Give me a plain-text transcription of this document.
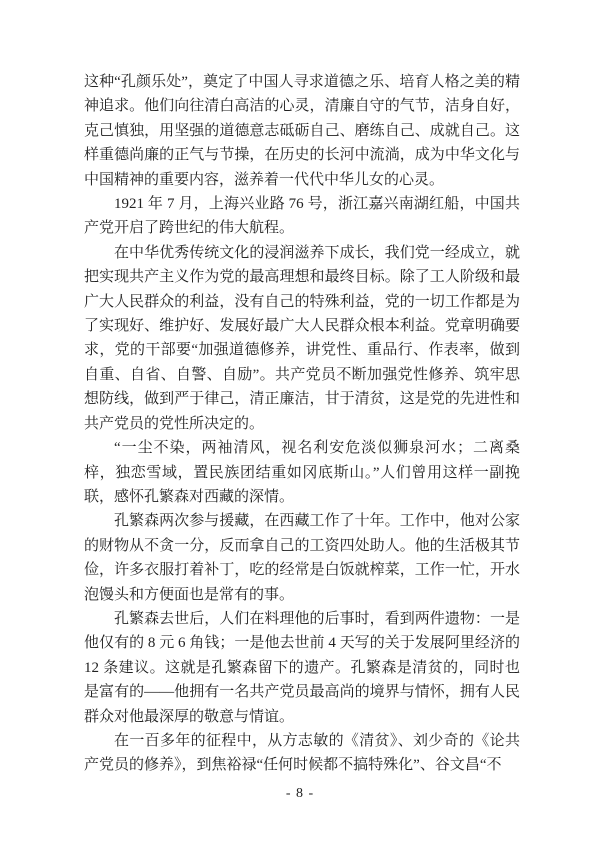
这种“孔颜乐处”，奠定了中国人寻求道德之乐、培育人格之美的精神追求。他们向往清白高洁的心灵，清廉自守的气节，洁身自好，克己慎独，用坚强的道德意志砥砺自己、磨练自己、成就自己。这样重德尚廉的正气与节操，在历史的长河中流淌，成为中华文化与中国精神的重要内容，滋养着一代代中华儿女的心灵。

1921 年 7 月，上海兴业路 76 号，浙江嘉兴南湖红船，中国共产党开启了跨世纪的伟大航程。

在中华优秀传统文化的浸润滋养下成长，我们党一经成立，就把实现共产主义作为党的最高理想和最终目标。除了工人阶级和最广大人民群众的利益，没有自己的特殊利益，党的一切工作都是为了实现好、维护好、发展好最广大人民群众根本利益。党章明确要求，党的干部要“加强道德修养，讲党性、重品行、作表率，做到自重、自省、自警、自励”。共产党员不断加强党性修养、筑牢思想防线，做到严于律己，清正廉洁，甘于清贫，这是党的先进性和共产党员的党性所决定的。

“一尘不染，两袖清风，视名利安危淡似狮泉河水；二离桑梓，独恋雪域，置民族团结重如冈底斯山。”人们曾用这样一副挽联，感怀孔繁森对西藏的深情。

孔繁森两次参与援藏，在西藏工作了十年。工作中，他对公家的财物从不贪一分，反而拿自己的工资四处助人。他的生活极其节俭，许多衣服打着补丁，吃的经常是白饭就榨菜，工作一忙，开水泡馒头和方便面也是常有的事。

孔繁森去世后，人们在料理他的后事时，看到两件遗物：一是他仅有的 8 元 6 角钱；一是他去世前 4 天写的关于发展阿里经济的 12 条建议。这就是孔繁森留下的遗产。孔繁森是清贫的，同时也是富有的——他拥有一名共产党员最高尚的境界与情怀，拥有人民群众对他最深厚的敬意与情谊。

在一百多年的征程中，从方志敏的《清贫》、刘少奇的《论共产党员的修养》，到焦裕禄“任何时候都不搞特殊化”、谷文昌“不

- 8 -
